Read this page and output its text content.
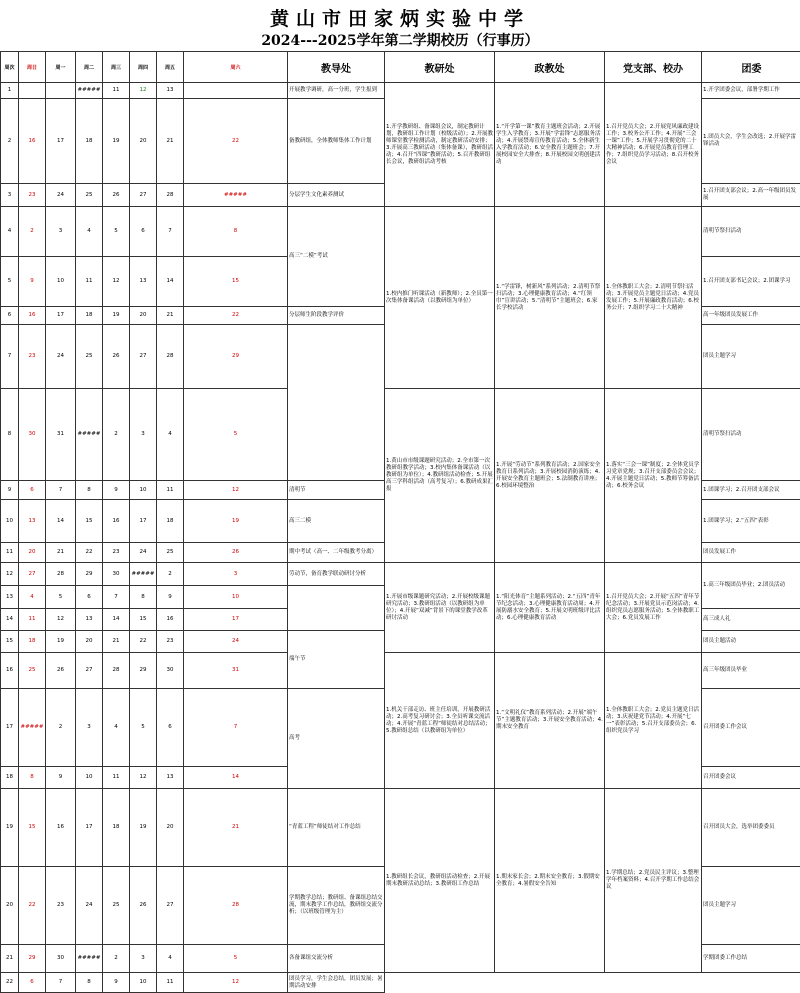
黄山市田家炳实验中学
2024---2025学年第二学期校历（行事历）
周次	周日	周一	周二	周三	周四	周五	周六	教导处	教研处	政教处	党支部、校办	团委	
1			#####	11	12	13		开展教学调研，高一分班，学生报到	1.开学教研组、备课组会议，制定教研计划，教研组工作计划（校级活动）；2.开展教师课堂教学检测活动，制定教研活动安排；3.开展高三教研活动（集体备课），教研组活动；4.召开“四课”教研活动；5.召开教研组长会议，教研组活动考核	1.“开学第一课”教育主题班会活动；2.开展学生入学教育；3.开展“学雷锋”志愿服务活动；4.开展禁毒宣传教育活动；5.全体新生入学教育活动；6.安全教育主题班会；7.开展校园安全大排查；8.开展校园文明创建活动	1.召开党员大会；2.开展党风廉政建设工作；3.校务公开工作；4.开展“三会一课”工作；5.开展学习贯彻党的二十大精神活动；6.开展党员教育管理工作；7.组织党员学习活动；8.召开校务会议	1.开学团委会议，部署学期工作	
2	16	17	18	19	20	21	22	备教研组，全体教师集体工作计划				1.团员大会，学生会改选；2.开展学雷锋活动	
3	23	24	25	26	27	28	#####	分层学生文化素养测试				1.召开团支部会议；2.高一年级团员发展	
4	2	3	4	5	6	7	8	高三“二模”考试	1.校内推门听课活动（新教师）；2.全员第一次集体备课活动（以教研组为单位）	1.“学雷锋，树新风”系列活动；2.清明节祭扫活动；3.心理健康教育活动；4.“红领巾”宣讲活动；5.“清明节”主题班会；6.家长学校活动	1.全体教职工大会；2.清明节祭扫活动；3.开展党员主题党日活动；4.党员发展工作；5.开展廉政教育活动；6.校务公开；7.组织学习二十大精神	清明节祭扫活动	
5	9	10	11	12	13	14	15					1.召开团支部书记会议；2.团课学习	
6	16	17	18	19	20	21	22	分层师生阶段教学评价				高一年级团员发展工作	
7	23	24	25	26	27	28	29					团员主题学习	
8	30	31	#####	2	3	4	5		1.黄山市市级课题研究活动；2.全市第一次教研组教学活动；3.校内集体备课活动（以教研组为单位）；4.教研组活动检查；5.开展高三学科组活动（高考复习）；6.教研成果汇报	1.开展“劳动节”系列教育活动；2.国家安全教育日系列活动；3.开展校园消防演练；4.开展安全教育主题班会；5.法制教育讲座；6.校园环境整治	1.落实“三会一课”制度；2.全体党员学习党章党规；3.召开支部委员会会议；4.开展主题党日活动；5.教师节筹备活动；6.校务会议	清明节祭扫活动	
9	6	7	8	9	10	11	12	清明节				1.团课学习；2.召开团支部会议	
10	13	14	15	16	17	18	19	高三二模				1.团课学习；2.“五四”表彰	
11	20	21	22	23	24	25	26	期中考试（高一、二年级教考分离）				团员发展工作	
12	27	28	29	30	#####	2	3	劳动节，备育教学联动研讨分析	1.开展市级课题研究活动；2.开展校级课题研究活动；3.教研组活动（以教研组为单位）；4.开展“双减”背景下的课堂教学改革研讨活动	1.“阳光体育”主题系列活动；2.“五四”青年节纪念活动；3.心理健康教育活动周；4.开展防溺水安全教育；5.开展文明班级评比活动；6.心理健康教育活动	1.召开党员大会；2.开展“五四”青年节纪念活动；3.开展党员示范岗活动；4.组织党员志愿服务活动；5.全体教职工大会；6.党员发展工作	1.高三年级团员毕业；2.团员活动	
13	4	5	6	7	8	9	10						
14	11	12	13	14	15	16	17					高三成人礼	
15	18	19	20	21	22	23	24	端午节				团员主题活动	
16	25	26	27	28	29	30	31		1.机关干部走访、班主任培训，开展教研活动；2.高考复习研讨会；3.全员听课交流活动；4.开展“青蓝工程”师徒结对总结活动；5.教研组总结（以教研组为单位）	1.“文明礼仪”教育系列活动；2.开展“端午节”主题教育活动；3.开展安全教育活动；4.期末安全教育	1.全体教职工大会；2.党员主题党日活动；3.庆祝建党节活动；4.开展“七一”表彰活动；5.召开支部委员会；6.组织党员学习	高三年级团员毕业	
17	#####	2	3	4	5	6	7	高考				召开团委工作会议	
18	8	9	10	11	12	13	14					召开团委会议	
19	15	16	17	18	19	20	21	“青蓝工程”师徒结对工作总结	1.教研组长会议，教研组活动检查；2.开展期末教研活动总结；3.教研组工作总结	1.期末家长会；2.期末安全教育；3.假期安全教育；4.暑假安全告知	1.学期总结；2.党员民主评议；3.整理学年档案资料；4.召开学期工作总结会议	召开团员大会，选举团委委员	
20	22	23	24	25	26	27	28	学期教学总结；教研组、备课组总结交流，期末教学工作总结，教研组交流分析；（以班级管理为主）				团员主题学习	
21	29	30	#####	2	3	4	5	各备课组交流分析				学期团委工作总结	
22	6	7	8	9	10	11	12	团员学习，学生会总结，团员发展；暑期活动安排					
